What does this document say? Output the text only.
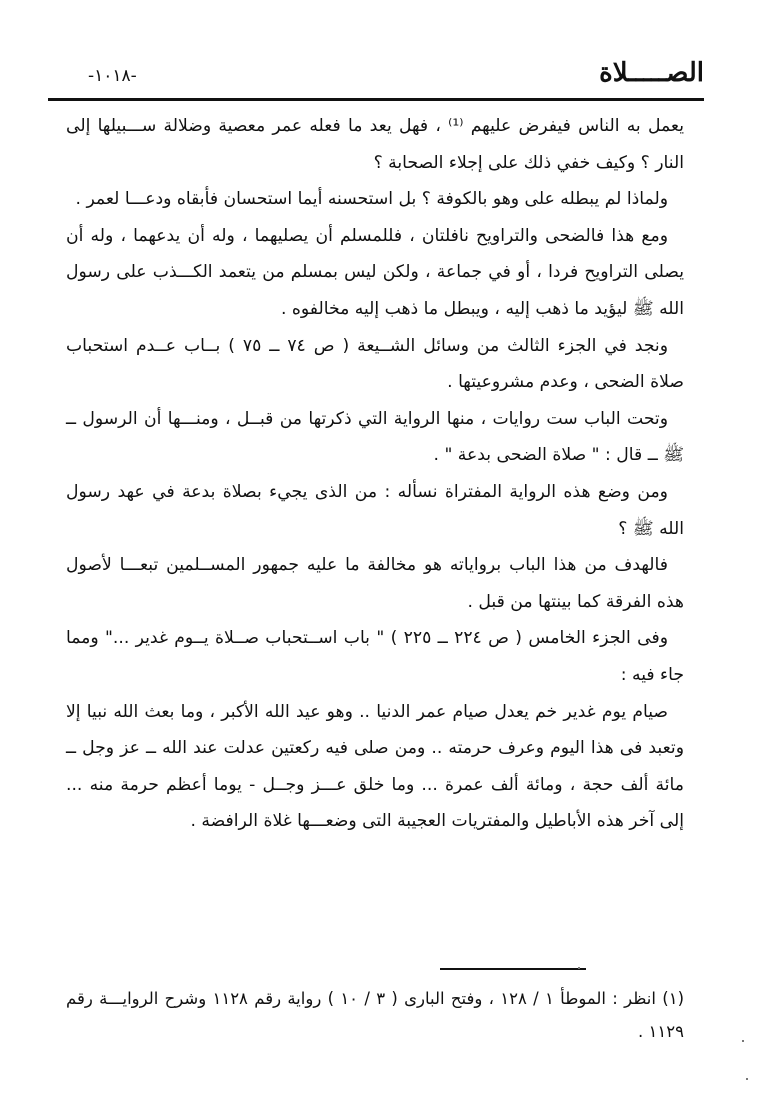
الصـــــلاة
-١٠١٨-

يعمل به الناس فيفرض عليهم ⁽¹⁾ ، فهل يعد ما فعله عمر معصية وضلالة ســـبيلها إلى النار ؟ وكيف خفي ذلك على إجلاء الصحابة ؟

ولماذا لم يبطله على وهو بالكوفة ؟ بل استحسنه أيما استحسان فأبقاه ودعـــا لعمر .

ومع هذا فالضحى والتراويح نافلتان ، فللمسلم أن يصليهما ، وله أن يدعهما ، وله أن يصلى التراويح فردا ، أو في جماعة ، ولكن ليس بمسلم من يتعمد الكـــذب على رسول الله ﷺ ليؤيد ما ذهب إليه ، ويبطل ما ذهب إليه مخالفوه .

ونجد في الجزء الثالث من وسائل الشــيعة ( ص ٧٤ ــ ٧٥ ) بــاب عــدم استحباب صلاة الضحى ، وعدم مشروعيتها .

وتحت الباب ست روايات ، منها الرواية التي ذكرتها من قبــل ، ومنـــها أن الرسول ــ ﷺ ــ قال : " صلاة الضحى بدعة " .

ومن وضع هذه الرواية المفتراة نسأله : من الذى يجيء بصلاة بدعة في عهد رسول الله ﷺ ؟

فالهدف من هذا الباب برواياته هو مخالفة ما عليه جمهور المســلمين تبعـــا لأصول هذه الفرقة كما بينتها من قبل .

وفى الجزء الخامس ( ص ٢٢٤ ــ ٢٢٥ ) " باب اســتحباب صــلاة يــوم غدير ..." ومما جاء فيه :

صيام يوم غدير خم يعدل صيام عمر الدنيا .. وهو عيد الله الأكبر ، وما بعث الله نبيا إلا وتعبد فى هذا اليوم وعرف حرمته .. ومن صلى فيه ركعتين عدلت عند الله ــ عز وجل ــ مائة ألف حجة ، ومائة ألف عمرة ... وما خلق عـــز وجــل - يوما أعظم حرمة منه ... إلى آخر هذه الأباطيل والمفتريات العجيبة التى وضعـــها غلاة الرافضة .

(١) انظر : الموطأ ١ / ١٢٨ ، وفتح البارى ( ٣ / ١٠ ) رواية رقم ١١٢٨ وشرح الروايـــة رقم ١١٢٩ .
